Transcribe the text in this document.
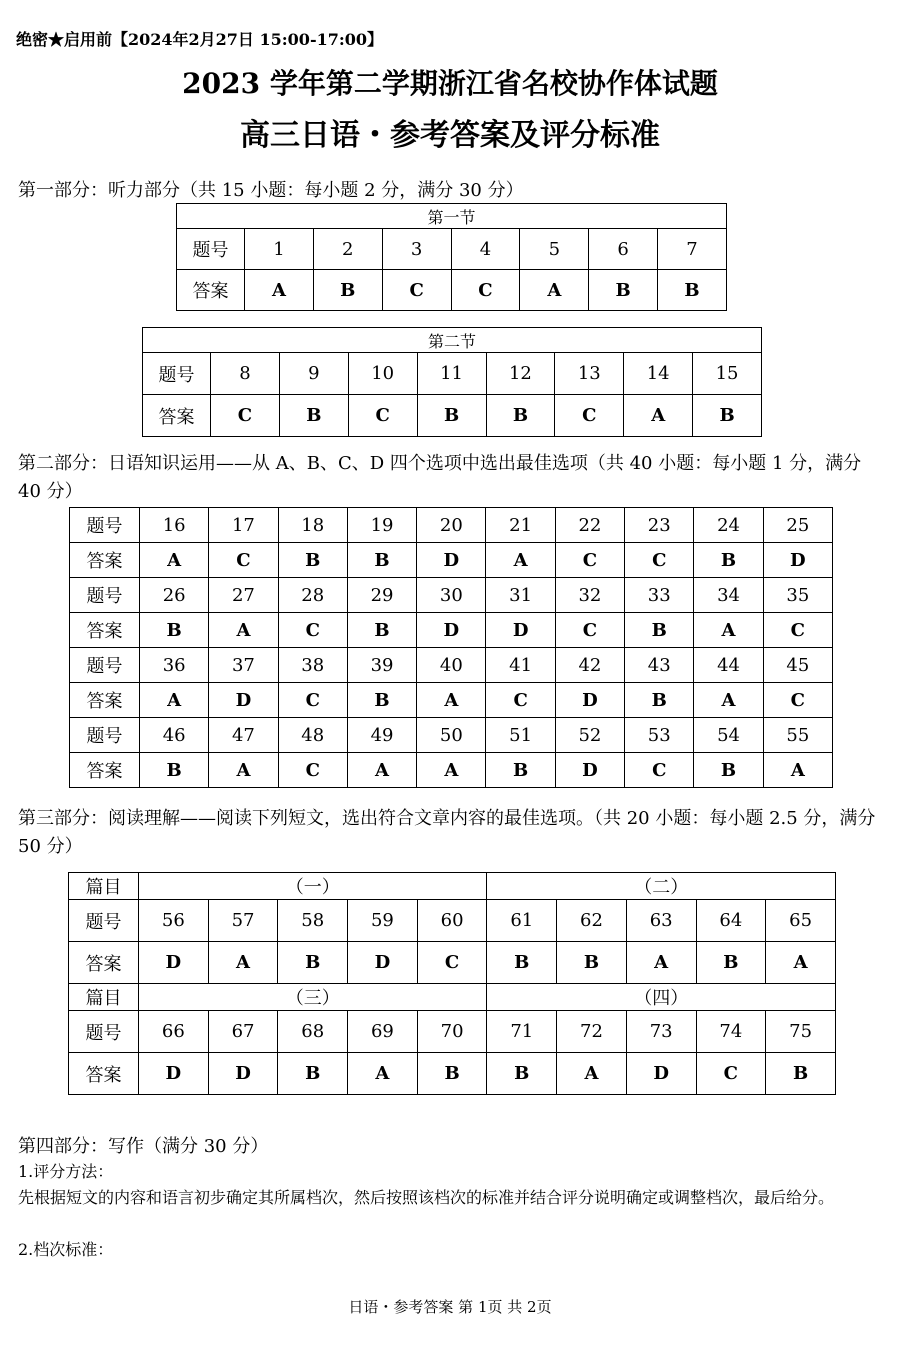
绝密★启用前【2024年2月27日 15:00-17:00】
2023 学年第二学期浙江省名校协作体试题
高三日语・参考答案及评分标准
第一部分：听力部分（共 15 小题：每小题 2 分，满分 30 分）
第一节							
题号	1	2	3	4	5	6	7
答案	A	B	C	C	A	B	B
第二节								
题号	8	9	10	11	12	13	14	15
答案	C	B	C	B	B	C	A	B
第二部分：日语知识运用——从 A、B、C、D 四个选项中选出最佳选项（共 40 小题：每小题 1 分，满分 40 分）
题号	16	17	18	19	20	21	22	23	24	25
答案	A	C	B	B	D	A	C	C	B	D
题号	26	27	28	29	30	31	32	33	34	35
答案	B	A	C	B	D	D	C	B	A	C
题号	36	37	38	39	40	41	42	43	44	45
答案	A	D	C	B	A	C	D	B	A	C
题号	46	47	48	49	50	51	52	53	54	55
答案	B	A	C	A	A	B	D	C	B	A
第三部分：阅读理解——阅读下列短文，选出符合文章内容的最佳选项。（共 20 小题：每小题 2.5 分，满分 50 分）
篇目	（一）					（二）				
题号	56	57	58	59	60	61	62	63	64	65
答案	D	A	B	D	C	B	B	A	B	A
篇目	（三）					（四）				
题号	66	67	68	69	70	71	72	73	74	75
答案	D	D	B	A	B	B	A	D	C	B
第四部分：写作（满分 30 分）
1.评分方法：
先根据短文的内容和语言初步确定其所属档次，然后按照该档次的标准并结合评分说明确定或调整档次，最后给分。
2.档次标准：
日语・参考答案 第 1页 共 2页
